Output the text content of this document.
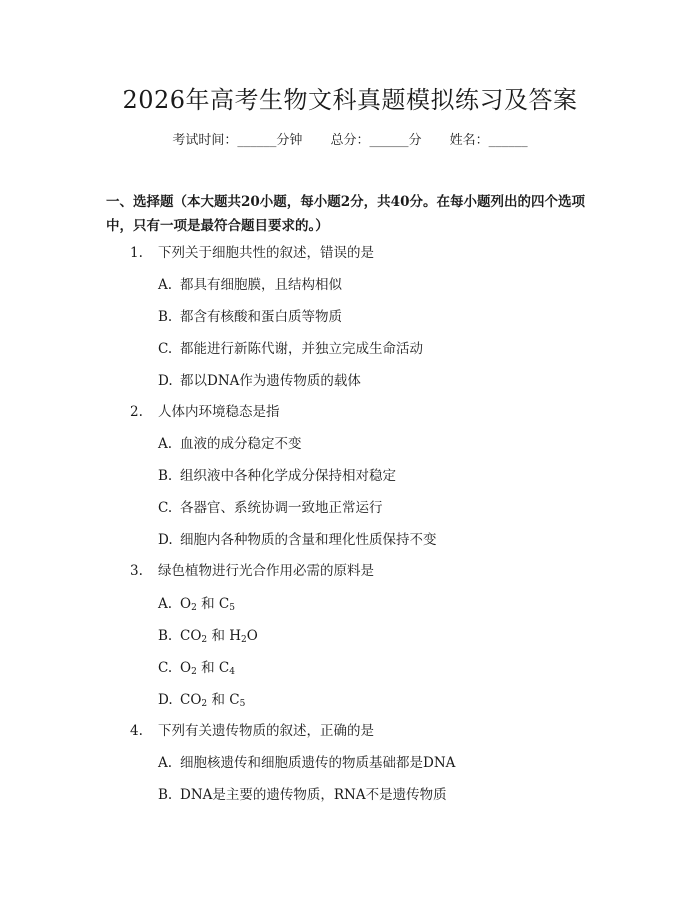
2026年高考生物文科真题模拟练习及答案
考试时间：______分钟 总分：______分 姓名：______
一、选择题（本大题共20小题，每小题2分，共40分。在每小题列出的四个选项中，只有一项是最符合题目要求的。）
1. 下列关于细胞共性的叙述，错误的是
A. 都具有细胞膜，且结构相似
B. 都含有核酸和蛋白质等物质
C. 都能进行新陈代谢，并独立完成生命活动
D. 都以DNA作为遗传物质的载体
2. 人体内环境稳态是指
A. 血液的成分稳定不变
B. 组织液中各种化学成分保持相对稳定
C. 各器官、系统协调一致地正常运行
D. 细胞内各种物质的含量和理化性质保持不变
3. 绿色植物进行光合作用必需的原料是
A. $O_2$ 和 $C_5$
B. $CO_2$ 和 $H_2O$
C. $O_2$ 和 $C_4$
D. $CO_2$ 和 $C_5$
4. 下列有关遗传物质的叙述，正确的是
A. 细胞核遗传和细胞质遗传的物质基础都是DNA
B. DNA是主要的遗传物质，RNA不是遗传物质
